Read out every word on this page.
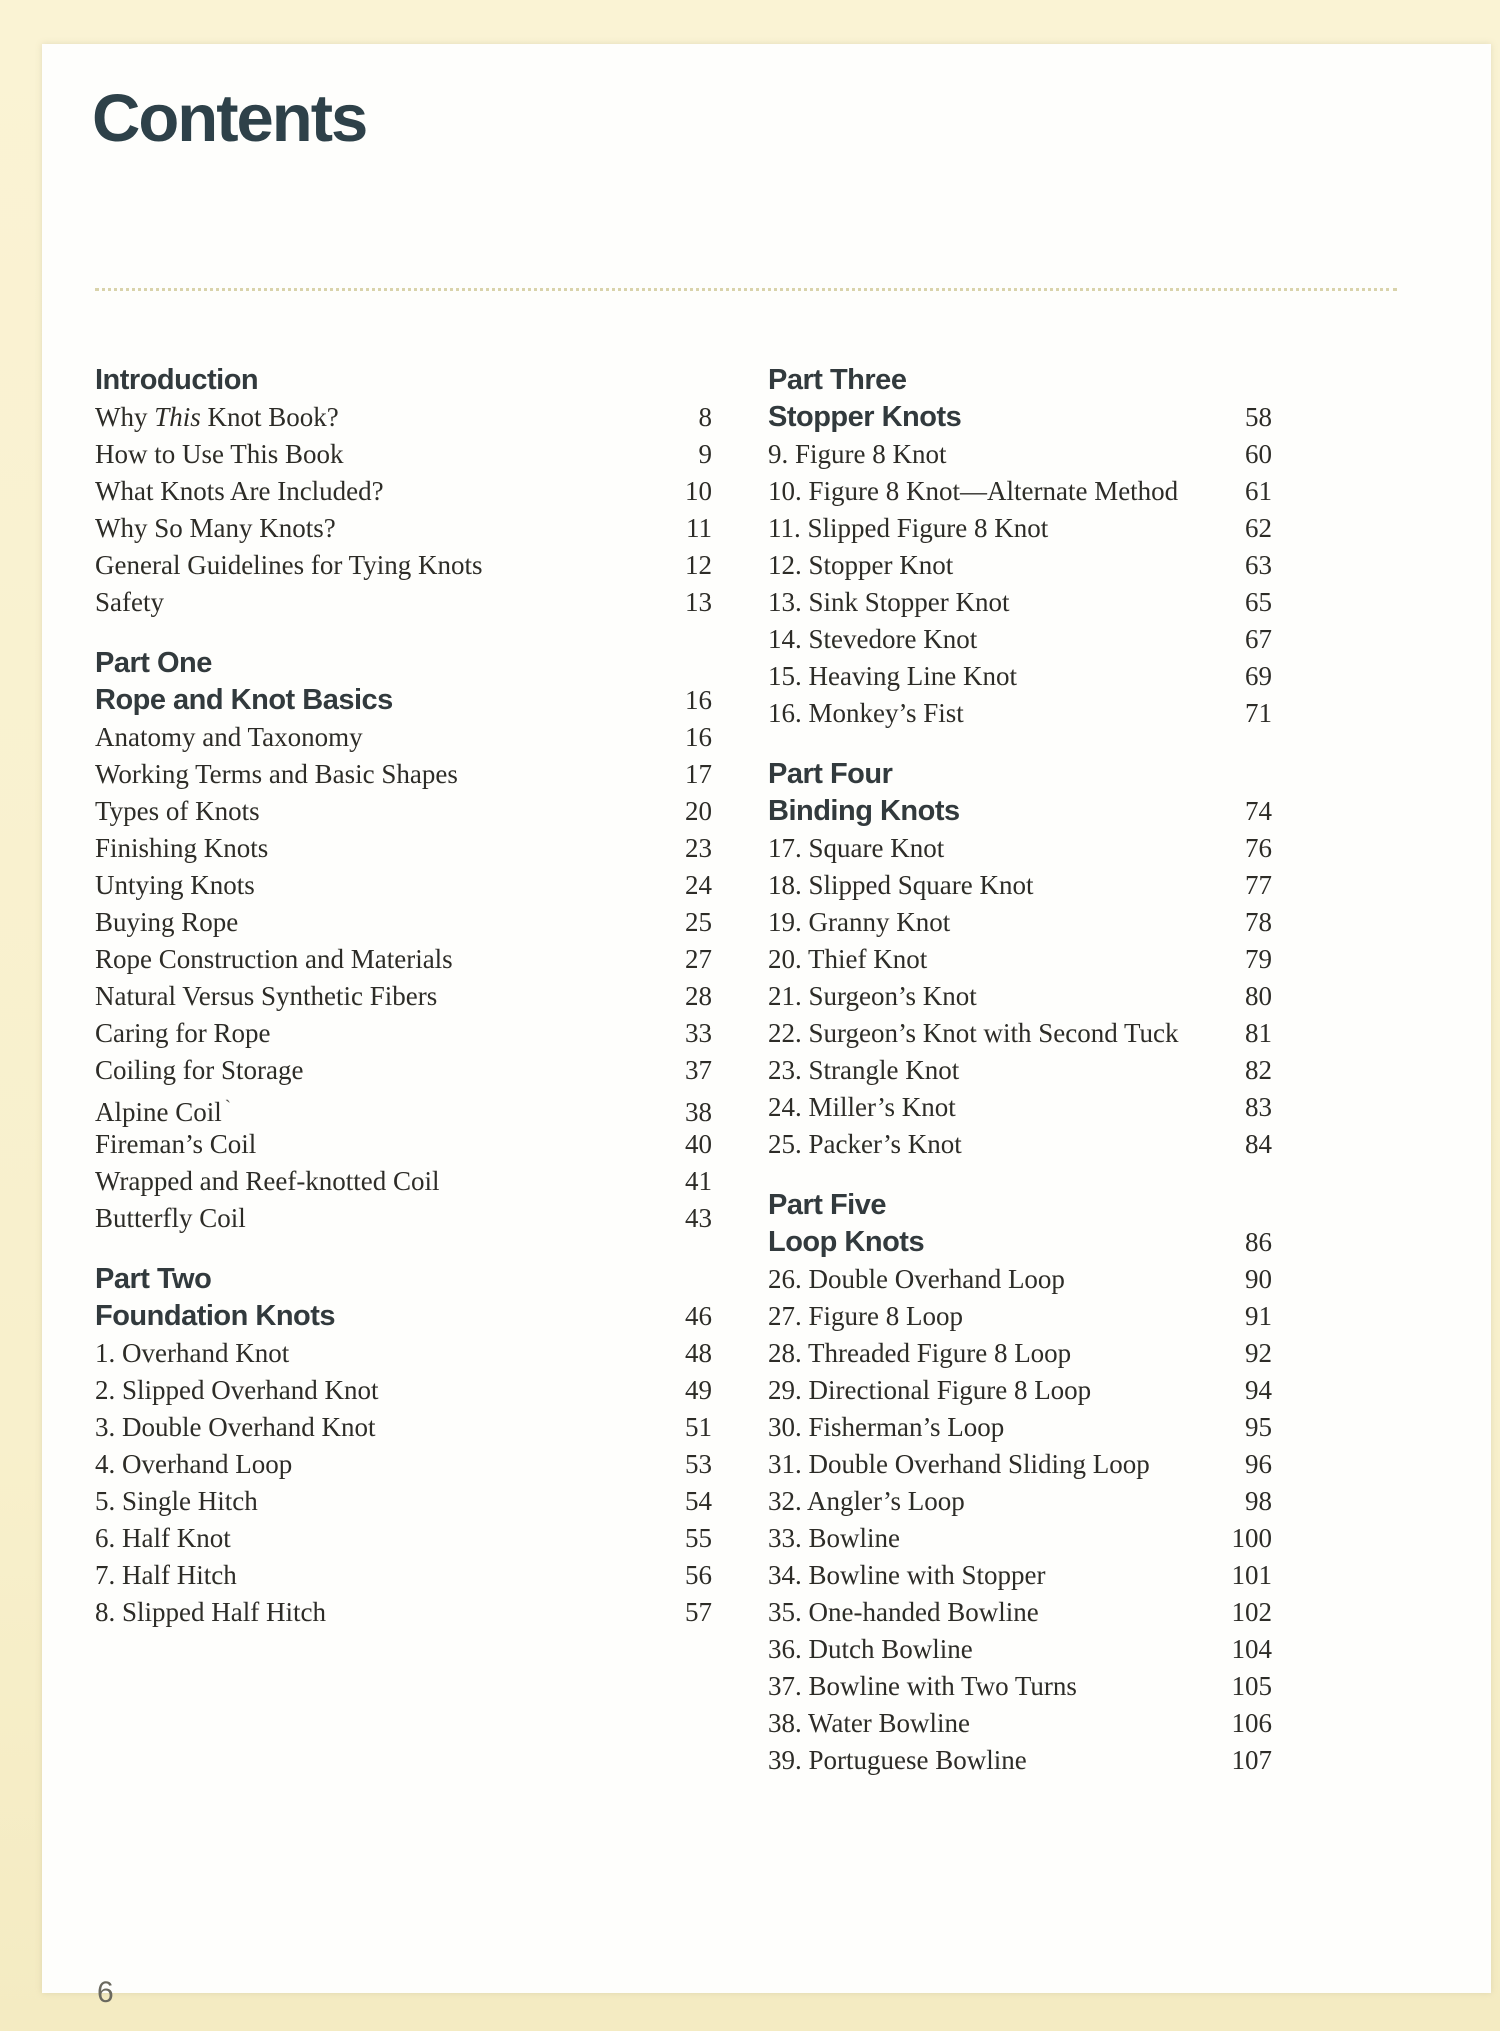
Contents
Introduction
Why This Knot Book?	8
How to Use This Book	9
What Knots Are Included?	10
Why So Many Knots?	11
General Guidelines for Tying Knots	12
Safety	13
Part One
Rope and Knot Basics	16
Anatomy and Taxonomy	16
Working Terms and Basic Shapes	17
Types of Knots	20
Finishing Knots	23
Untying Knots	24
Buying Rope	25
Rope Construction and Materials	27
Natural Versus Synthetic Fibers	28
Caring for Rope	33
Coiling for Storage	37
Alpine Coil `	38
Fireman’s Coil	40
Wrapped and Reef-knotted Coil	41
Butterfly Coil	43
Part Two
Foundation Knots	46
1. Overhand Knot	48
2. Slipped Overhand Knot	49
3. Double Overhand Knot	51
4. Overhand Loop	53
5. Single Hitch	54
6. Half Knot	55
7. Half Hitch	56
8. Slipped Half Hitch	57
Part Three
Stopper Knots	58
9. Figure 8 Knot	60
10. Figure 8 Knot—Alternate Method	61
11. Slipped Figure 8 Knot	62
12. Stopper Knot	63
13. Sink Stopper Knot	65
14. Stevedore Knot	67
15. Heaving Line Knot	69
16. Monkey’s Fist	71
Part Four
Binding Knots	74
17. Square Knot	76
18. Slipped Square Knot	77
19. Granny Knot	78
20. Thief Knot	79
21. Surgeon’s Knot	80
22. Surgeon’s Knot with Second Tuck	81
23. Strangle Knot	82
24. Miller’s Knot	83
25. Packer’s Knot	84
Part Five
Loop Knots	86
26. Double Overhand Loop	90
27. Figure 8 Loop	91
28. Threaded Figure 8 Loop	92
29. Directional Figure 8 Loop	94
30. Fisherman’s Loop	95
31. Double Overhand Sliding Loop	96
32. Angler’s Loop	98
33. Bowline	100
34. Bowline with Stopper	101
35. One-handed Bowline	102
36. Dutch Bowline	104
37. Bowline with Two Turns	105
38. Water Bowline	106
39. Portuguese Bowline	107
6
